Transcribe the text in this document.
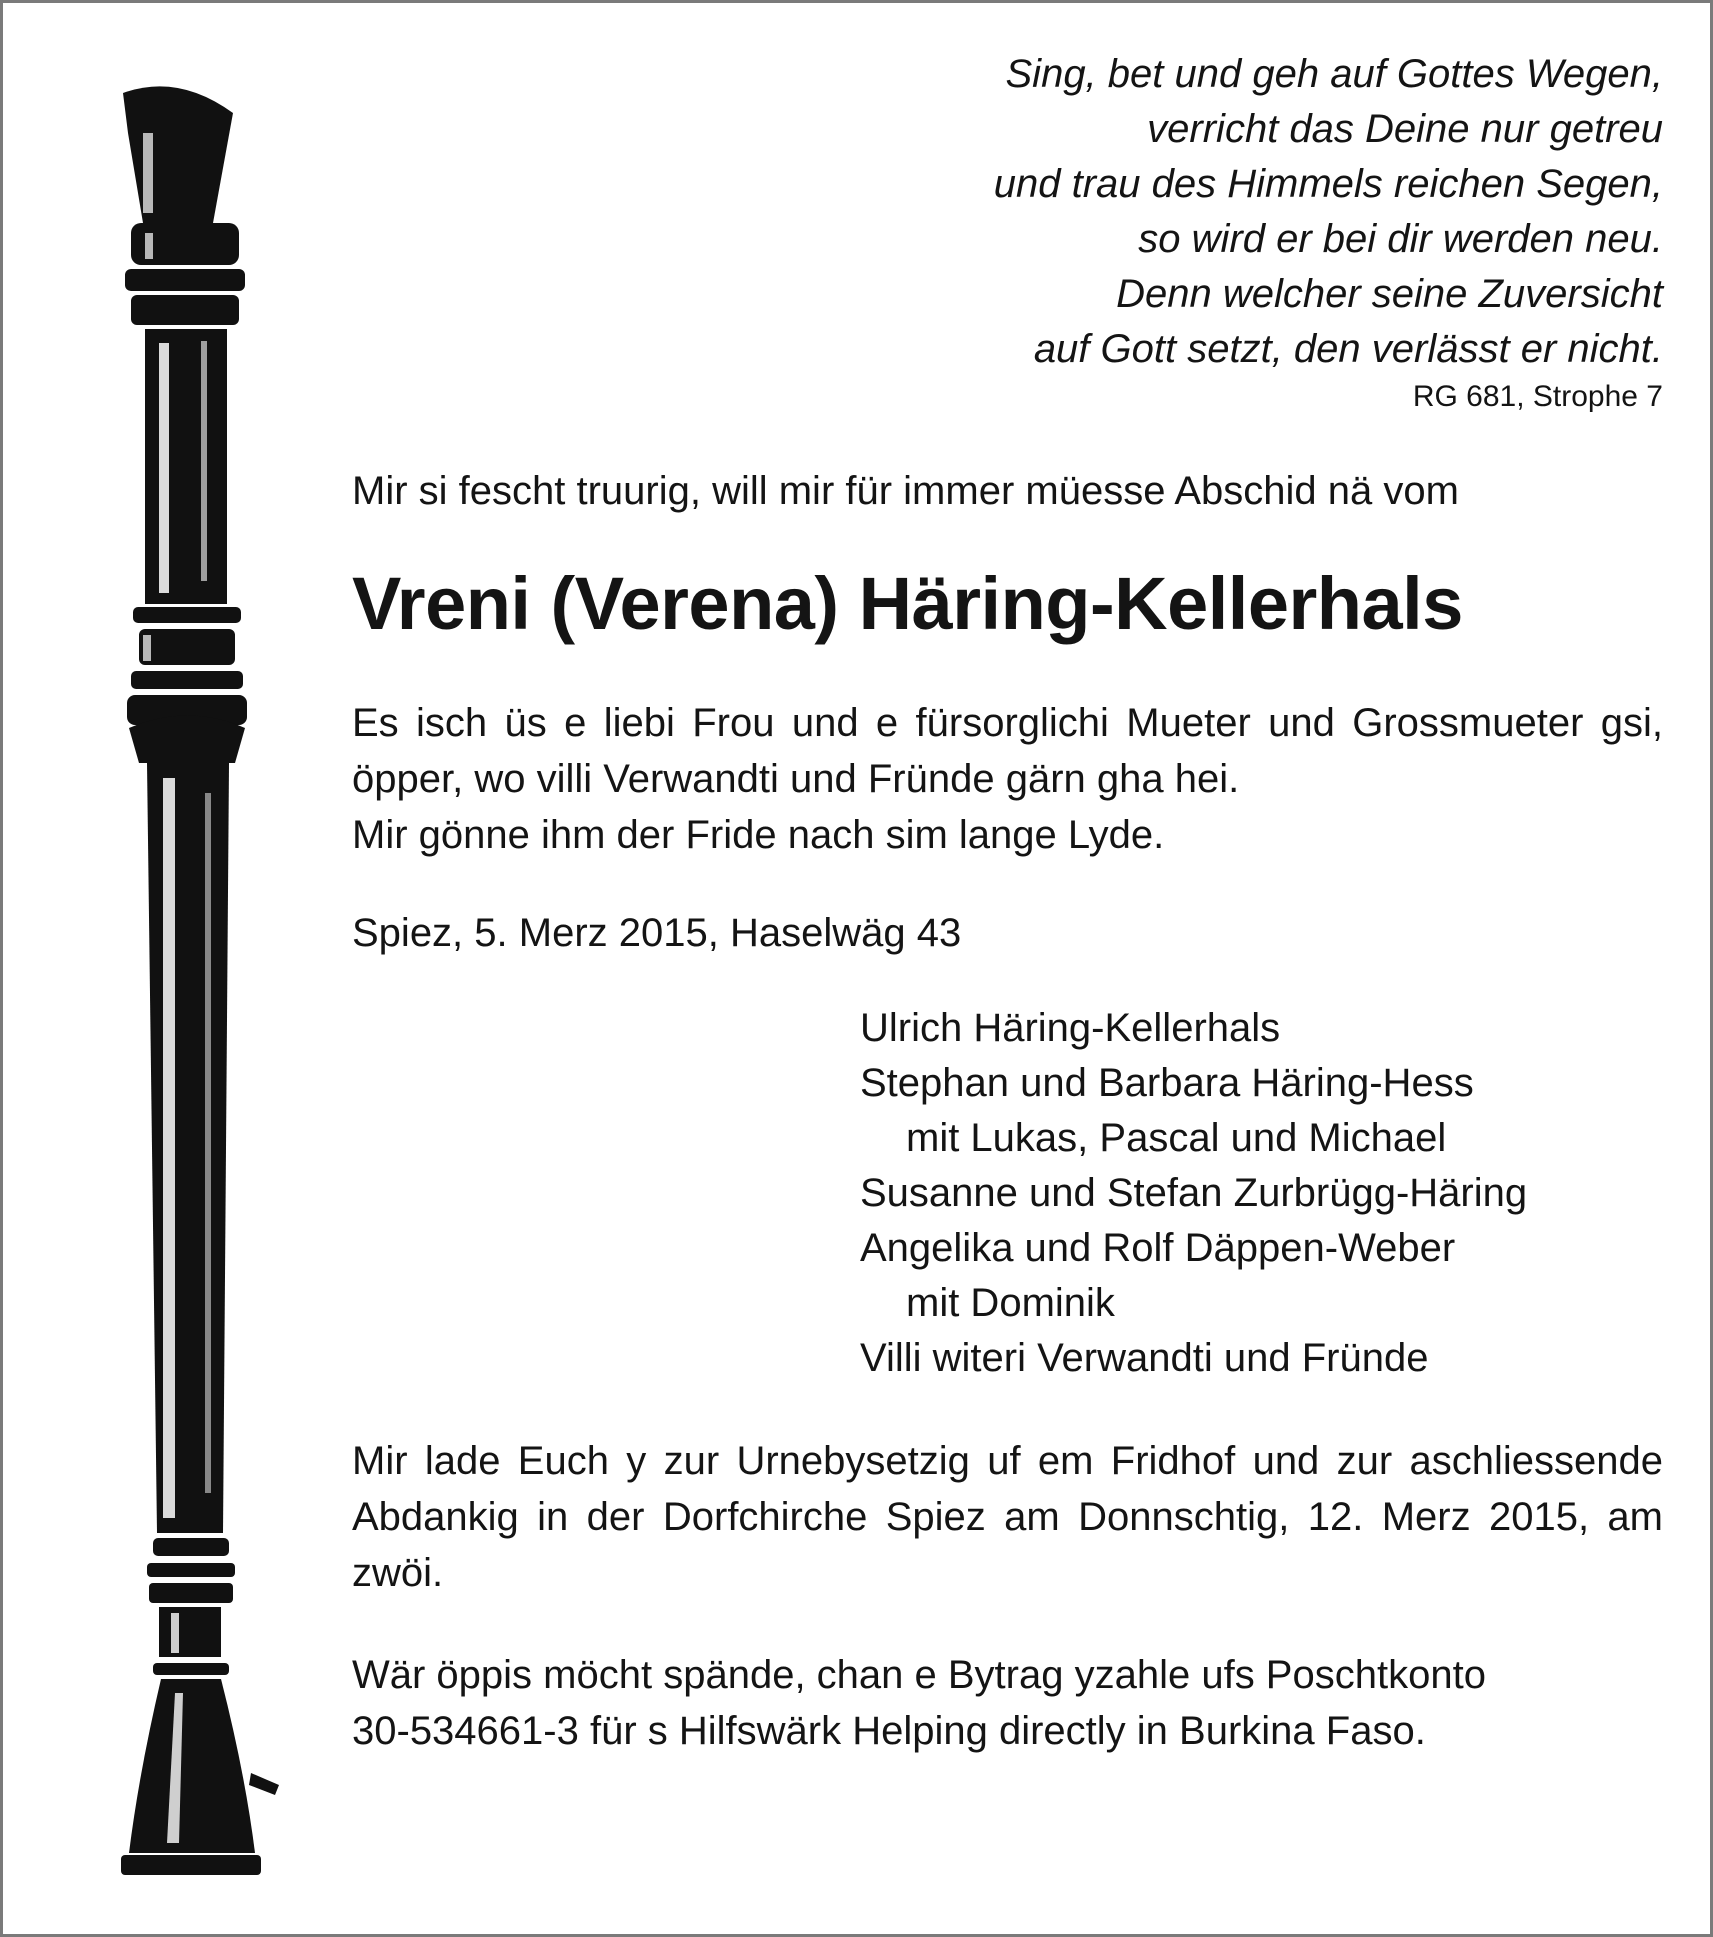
Sing, bet und geh auf Gottes Wegen,
verricht das Deine nur getreu
und trau des Himmels reichen Segen,
so wird er bei dir werden neu.
Denn welcher seine Zuversicht
auf Gott setzt, den verlässt er nicht.
RG 681, Strophe 7
Mir si fescht truurig, will mir für immer müesse Abschid nä vom
Vreni (Verena) Häring-Kellerhals
Es isch üs e liebi Frou und e fürsorglichi Mueter und Grossmueter gsi, öpper, wo villi Verwandti und Fründe gärn gha hei.
Mir gönne ihm der Fride nach sim lange Lyde.
Spiez, 5. Merz 2015, Haselwäg 43
Ulrich Häring-Kellerhals
Stephan und Barbara Häring-Hess
mit Lukas, Pascal und Michael
Susanne und Stefan Zurbrügg-Häring
Angelika und Rolf Däppen-Weber
mit Dominik
Villi witeri Verwandti und Fründe
Mir lade Euch y zur Urnebysetzig uf em Fridhof und zur aschliessende Abdankig in der Dorfchirche Spiez am Donnschtig, 12. Merz 2015, am zwöi.
Wär öppis möcht spände, chan e Bytrag yzahle ufs Poschtkonto
30-534661-3 für s Hilfswärk Helping directly in Burkina Faso.
